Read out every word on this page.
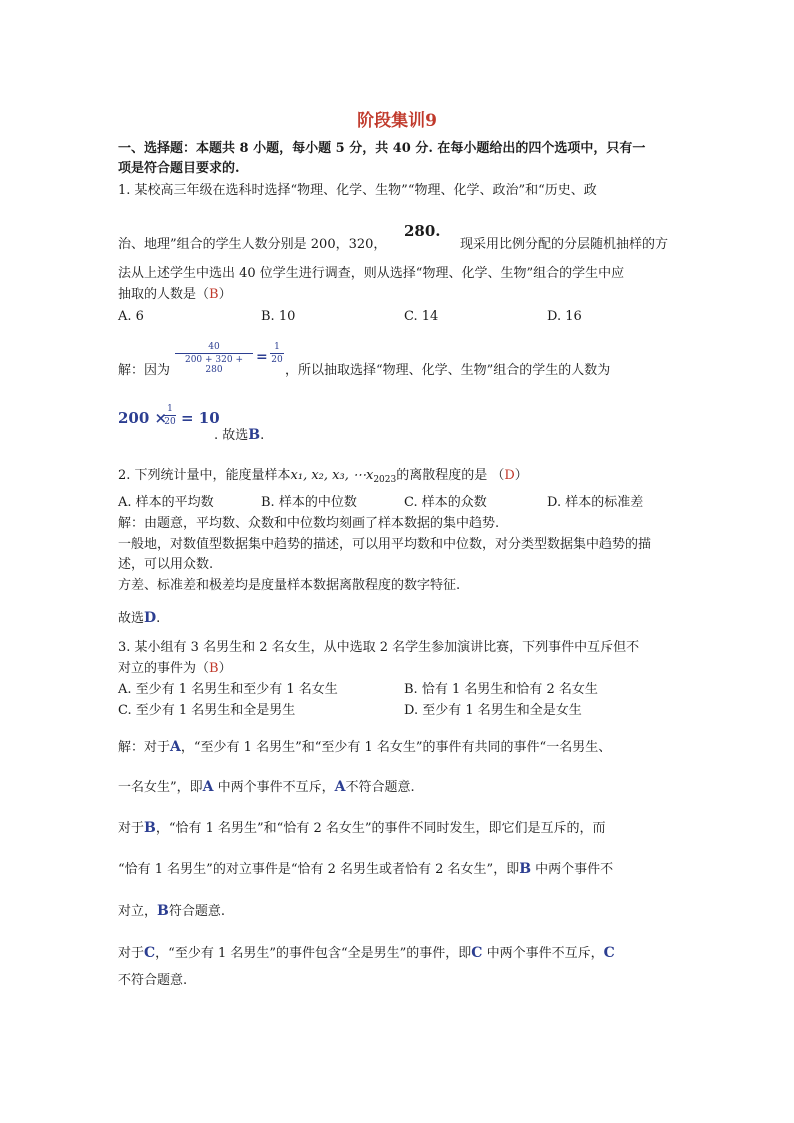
阶段集训9
一、选择题：本题共 8 小题，每小题 5 分，共 40 分. 在每小题给出的四个选项中，只有一
项是符合题目要求的.
1. 某校高三年级在选科时选择“物理、化学、生物”“物理、化学、政治”和“历史、政
治、地理”组合的学生人数分别是 200，320，
280.
现采用比例分配的分层随机抽样的方
法从上述学生中选出 40 位学生进行调查，则从选择“物理、化学、生物”组合的学生中应
抽取的人数是（B）
A. 6	B. 10	C. 14	D. 16
解：因为
40
200 + 320 + 280
=
1
20
，所以抽取选择“物理、化学、生物”组合的学生的人数为
200 × 1
20 = 10
. 故选B.
2. 下列统计量中，能度量样本x₁, x₂, x₃, $\cdots x_{2023}$的离散程度的是 （D）
A. 样本的平均数	B. 样本的中位数	C. 样本的众数	D. 样本的标准差
解：由题意，平均数、众数和中位数均刻画了样本数据的集中趋势.
一般地，对数值型数据集中趋势的描述，可以用平均数和中位数，对分类型数据集中趋势的描
述，可以用众数.
方差、标准差和极差均是度量样本数据离散程度的数字特征.
故选D.
3. 某小组有 3 名男生和 2 名女生，从中选取 2 名学生参加演讲比赛，下列事件中互斥但不
对立的事件为（B）
A. 至少有 1 名男生和至少有 1 名女生	B. 恰有 1 名男生和恰有 2 名女生
C. 至少有 1 名男生和全是男生	D. 至少有 1 名男生和全是女生
解：对于A，“至少有 1 名男生”和“至少有 1 名女生”的事件有共同的事件“一名男生、
一名女生”，即A 中两个事件不互斥，A不符合题意.
对于B，“恰有 1 名男生”和“恰有 2 名女生”的事件不同时发生，即它们是互斥的，而
“恰有 1 名男生”的对立事件是“恰有 2 名男生或者恰有 2 名女生”，即B 中两个事件不
对立，B符合题意.
对于C，“至少有 1 名男生”的事件包含“全是男生”的事件，即C 中两个事件不互斥，C
不符合题意.
